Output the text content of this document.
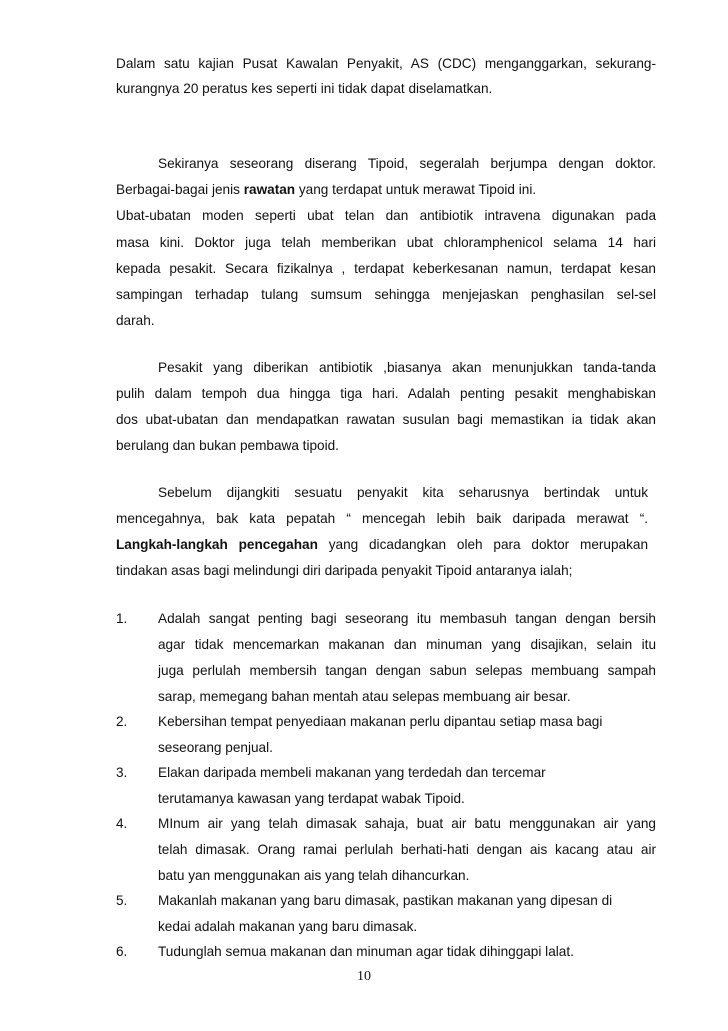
Dalam satu kajian Pusat Kawalan Penyakit, AS (CDC) menganggarkan, sekurang-
kurangnya 20 peratus kes seperti ini tidak dapat diselamatkan.
Sekiranya seseorang diserang Tipoid, segeralah berjumpa dengan doktor.
Berbagai-bagai jenis rawatan yang terdapat untuk merawat Tipoid ini.
Ubat-ubatan moden seperti ubat telan dan antibiotik intravena digunakan pada
masa kini. Doktor juga telah memberikan ubat chloramphenicol selama 14 hari
kepada pesakit. Secara fizikalnya , terdapat keberkesanan namun, terdapat kesan
sampingan terhadap tulang sumsum sehingga menjejaskan penghasilan sel-sel
darah.
Pesakit yang diberikan antibiotik ,biasanya akan menunjukkan tanda-tanda
pulih dalam tempoh dua hingga tiga hari. Adalah penting pesakit menghabiskan
dos ubat-ubatan dan mendapatkan rawatan susulan bagi memastikan ia tidak akan
berulang dan bukan pembawa tipoid.
Sebelum dijangkiti sesuatu penyakit kita seharusnya bertindak untuk
mencegahnya, bak kata pepatah “ mencegah lebih baik daripada merawat “.
Langkah-langkah pencegahan yang dicadangkan oleh para doktor merupakan
tindakan asas bagi melindungi diri daripada penyakit Tipoid antaranya ialah;
1. Adalah sangat penting bagi seseorang itu membasuh tangan dengan bersih
agar tidak mencemarkan makanan dan minuman yang disajikan, selain itu
juga perlulah membersih tangan dengan sabun selepas membuang sampah
sarap, memegang bahan mentah atau selepas membuang air besar.
2. Kebersihan tempat penyediaan makanan perlu dipantau setiap masa bagi
seseorang penjual.
3. Elakan daripada membeli makanan yang terdedah dan tercemar
terutamanya kawasan yang terdapat wabak Tipoid.
4. MInum air yang telah dimasak sahaja, buat air batu menggunakan air yang
telah dimasak. Orang ramai perlulah berhati-hati dengan ais kacang atau air
batu yan menggunakan ais yang telah dihancurkan.
5. Makanlah makanan yang baru dimasak, pastikan makanan yang dipesan di
kedai adalah makanan yang baru dimasak.
6. Tudunglah semua makanan dan minuman agar tidak dihinggapi lalat.
10
